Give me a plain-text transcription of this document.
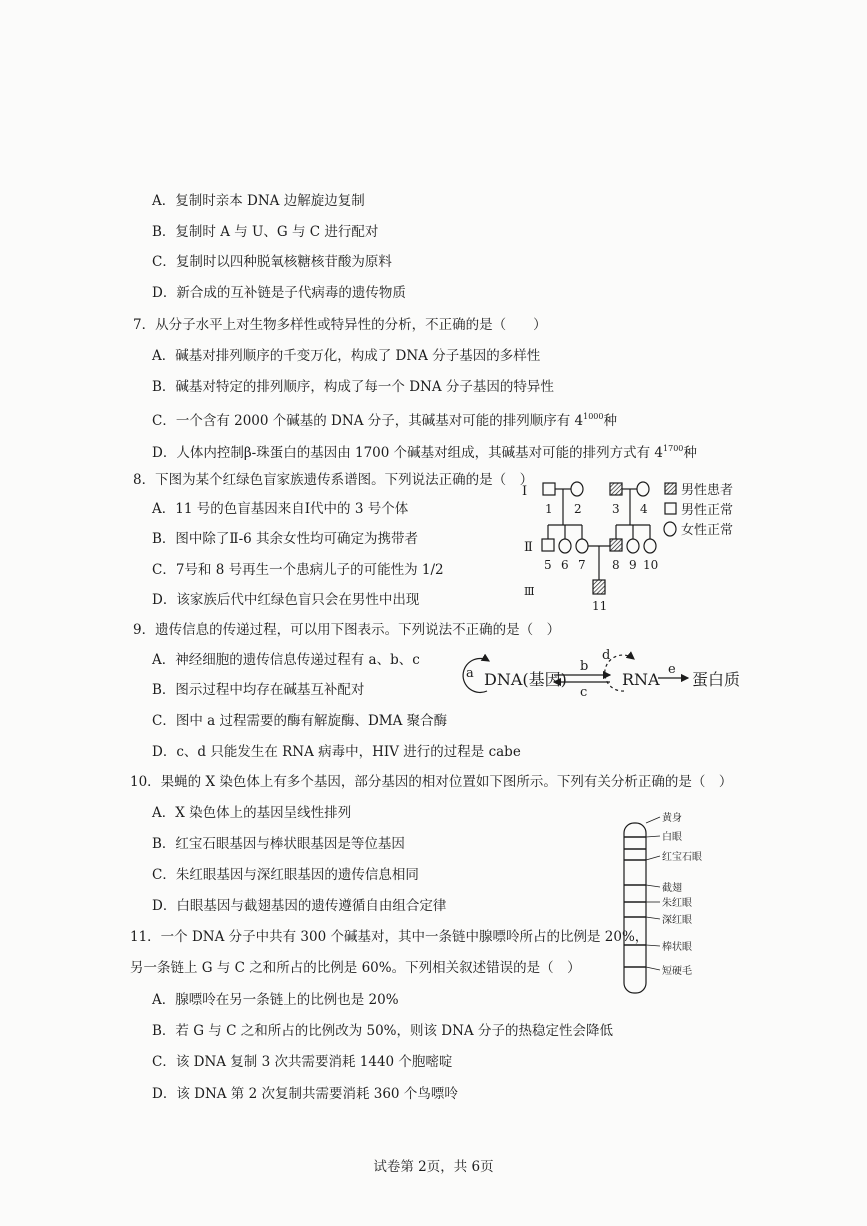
A．复制时亲本 DNA 边解旋边复制
B．复制时 A 与 U、G 与 C 进行配对
C．复制时以四种脱氧核糖核苷酸为原料
D．新合成的互补链是子代病毒的遗传物质
7．从分子水平上对生物多样性或特异性的分析，不正确的是（　　）
A．碱基对排列顺序的千变万化，构成了 DNA 分子基因的多样性
B．碱基对特定的排列顺序，构成了每一个 DNA 分子基因的特异性
C．一个含有 2000 个碱基的 DNA 分子，其碱基对可能的排列顺序有 $4^{1000}$种
D．人体内控制β-珠蛋白的基因由 1700 个碱基对组成，其碱基对可能的排列方式有 $4^{1700}$种
8．下图为某个红绿色盲家族遗传系谱图。下列说法正确的是（　）
A．11 号的色盲基因来自Ⅰ代中的 3 号个体
B．图中除了Ⅱ-6 其余女性均可确定为携带者
C．7号和 8 号再生一个患病儿子的可能性为 1/2
D．该家族后代中红绿色盲只会在男性中出现
Ⅰ
Ⅱ
Ⅲ
1 2	3 4
5 6 7 8 9 10
11
男性患者
男性正常
女性正常
9．遗传信息的传递过程，可以用下图表示。下列说法不正确的是（　）
A．神经细胞的遗传信息传递过程有 a、b、c
B．图示过程中均存在碱基互补配对
C．图中 a 过程需要的酶有解旋酶、DMA 聚合酶
D．c、d 只能发生在 RNA 病毒中，HIV 进行的过程是 cabe
a DNA(基因)
b
c
d
RNA
e
蛋白质
10．果蝇的 X 染色体上有多个基因，部分基因的相对位置如下图所示。下列有关分析正确的是（　）
A．X 染色体上的基因呈线性排列
B．红宝石眼基因与棒状眼基因是等位基因
C．朱红眼基因与深红眼基因的遗传信息相同
D．白眼基因与截翅基因的遗传遵循自由组合定律
黄身
白眼
红宝石眼
截翅
朱红眼
深红眼
棒状眼
短硬毛
11．一个 DNA 分子中共有 300 个碱基对，其中一条链中腺嘌呤所占的比例是 20%，
另一条链上 G 与 C 之和所占的比例是 60%。下列相关叙述错误的是（　）
A．腺嘌呤在另一条链上的比例也是 20%
B．若 G 与 C 之和所占的比例改为 50%，则该 DNA 分子的热稳定性会降低
C．该 DNA 复制 3 次共需要消耗 1440 个胞嘧啶
D．该 DNA 第 2 次复制共需要消耗 360 个鸟嘌呤
试卷第 2页，共 6页
